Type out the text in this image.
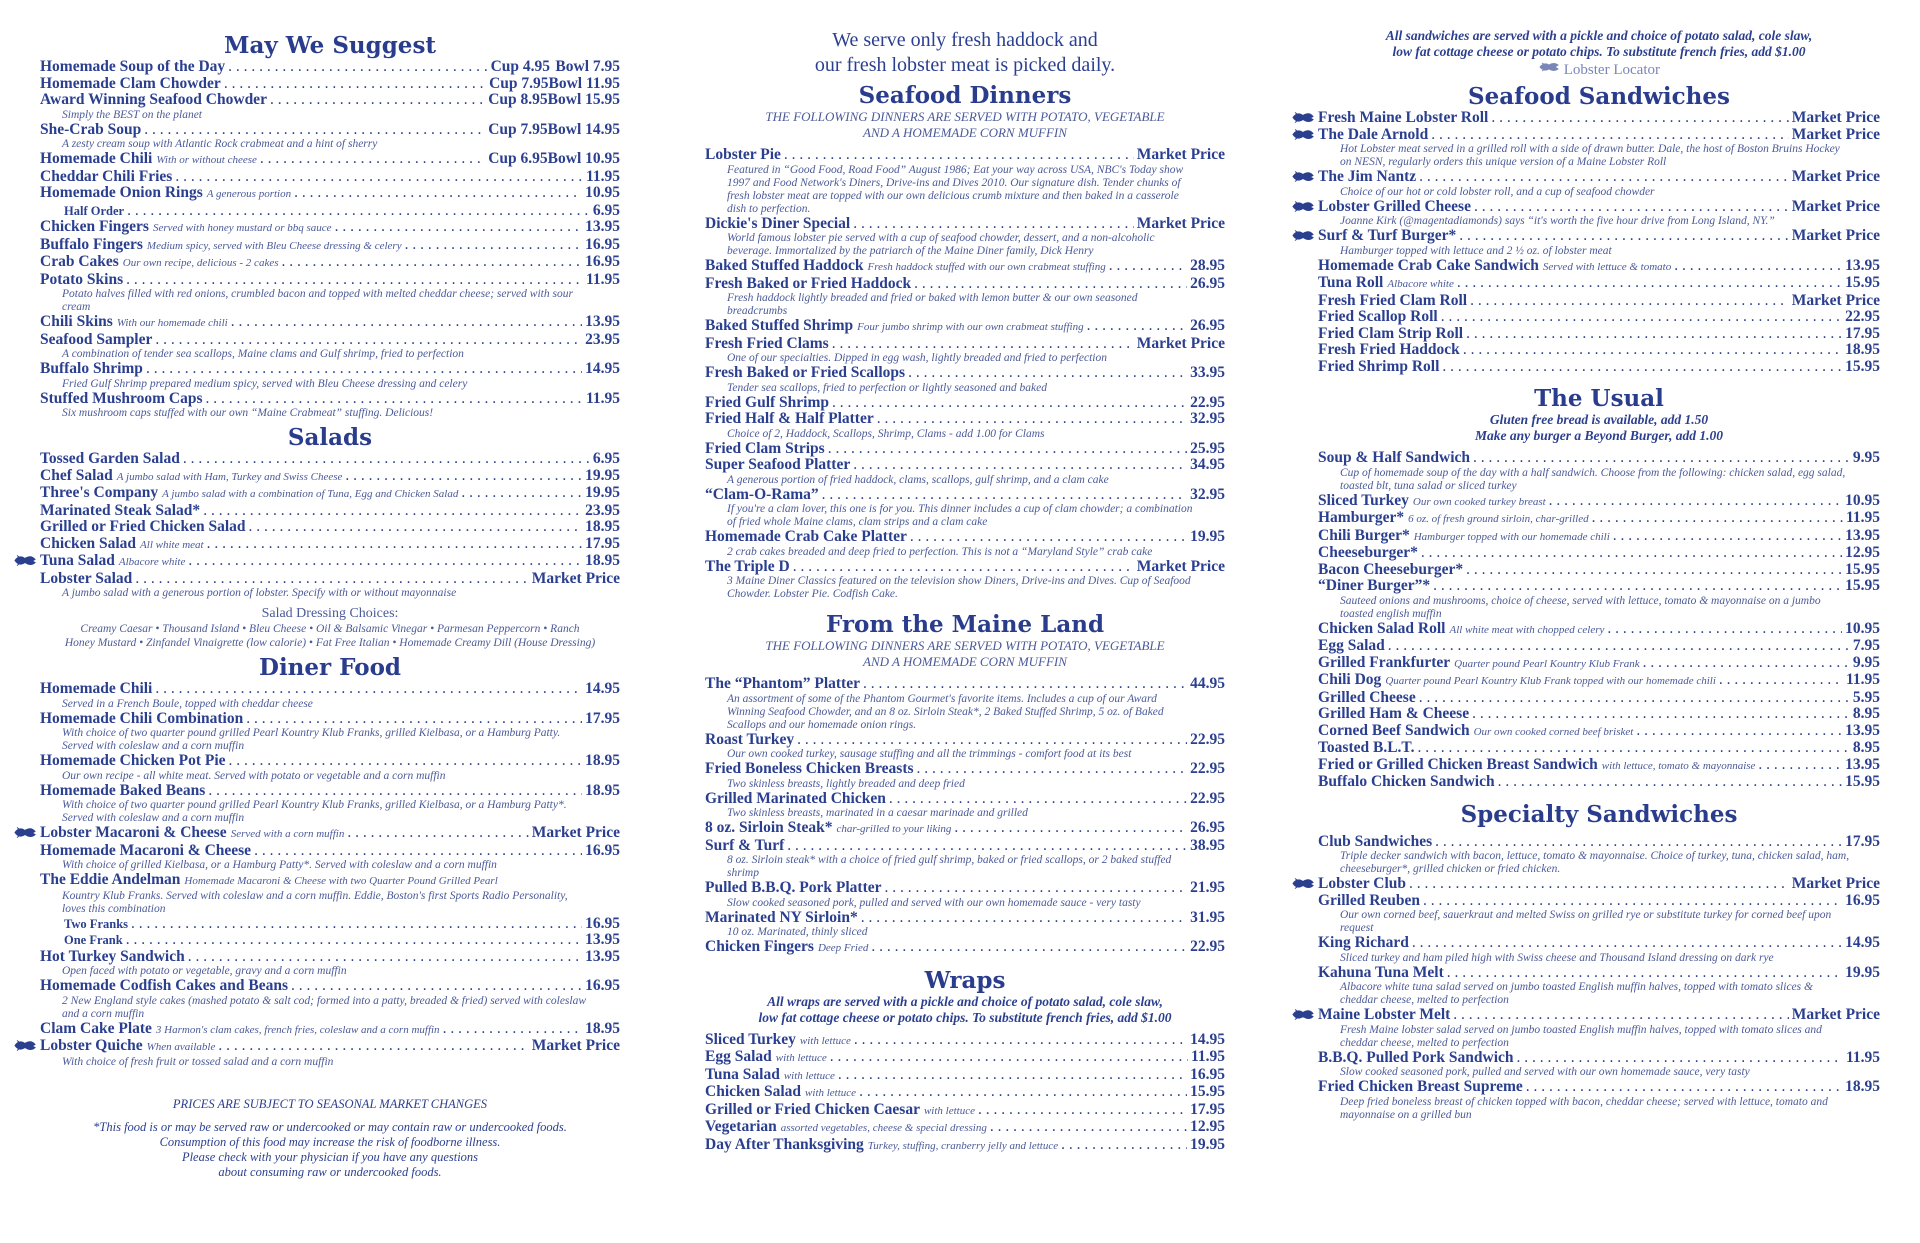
May We Suggest
Homemade Soup of the Day . . .	Cup 4.95 Bowl 7.95
Homemade Clam Chowder . . .	Cup 7.95 Bowl 11.95
Award Winning Seafood Chowder . . .	Cup 8.95 Bowl 15.95
Simply the BEST on the planet
She-Crab Soup . . .	Cup 7.95 Bowl 14.95
A zesty cream soup with Atlantic Rock crabmeat and a hint of sherry
Homemade Chili With or without cheese . . .	Cup 6.95 Bowl 10.95
Cheddar Chili Fries . . .	11.95
Homemade Onion Rings A generous portion . . .	10.95
Half Order . . .	6.95
Chicken Fingers Served with honey mustard or bbq sauce . . .	13.95
Buffalo Fingers Medium spicy, served with Bleu Cheese dressing & celery . . .	16.95
Crab Cakes Our own recipe, delicious - 2 cakes . . .	16.95
Potato Skins . . .	11.95
Potato halves filled with red onions, crumbled bacon and topped with melted cheddar cheese; served with sour cream
Chili Skins With our homemade chili . . .	13.95
Seafood Sampler . . .	23.95
A combination of tender sea scallops, Maine clams and Gulf shrimp, fried to perfection
Buffalo Shrimp . . .	14.95
Fried Gulf Shrimp prepared medium spicy, served with Bleu Cheese dressing and celery
Stuffed Mushroom Caps . . .	11.95
Six mushroom caps stuffed with our own “Maine Crabmeat” stuffing. Delicious!
Salads
Tossed Garden Salad . . .	6.95
Chef Salad A jumbo salad with Ham, Turkey and Swiss Cheese . . .	19.95
Three's Company A jumbo salad with a combination of Tuna, Egg and Chicken Salad . . .	19.95
Marinated Steak Salad* . . .	23.95
Grilled or Fried Chicken Salad . . .	18.95
Chicken Salad All white meat . . .	17.95
Tuna Salad Albacore white . . .	18.95
Lobster Salad . . .	Market Price
A jumbo salad with a generous portion of lobster. Specify with or without mayonnaise
Salad Dressing Choices:
Creamy Caesar • Thousand Island • Bleu Cheese • Oil & Balsamic Vinegar • Parmesan Peppercorn • Ranch
Honey Mustard • Zinfandel Vinaigrette (low calorie) • Fat Free Italian • Homemade Creamy Dill (House Dressing)
Diner Food
Homemade Chili . . .	14.95
Served in a French Boule, topped with cheddar cheese
Homemade Chili Combination . . .	17.95
With choice of two quarter pound grilled Pearl Kountry Klub Franks, grilled Kielbasa, or a Hamburg Patty. Served with coleslaw and a corn muffin
Homemade Chicken Pot Pie . . .	18.95
Our own recipe - all white meat. Served with potato or vegetable and a corn muffin
Homemade Baked Beans . . .	18.95
With choice of two quarter pound grilled Pearl Kountry Klub Franks, grilled Kielbasa, or a Hamburg Patty*. Served with coleslaw and a corn muffin
Lobster Macaroni & Cheese Served with a corn muffin . . .	Market Price
Homemade Macaroni & Cheese . . .	16.95
With choice of grilled Kielbasa, or a Hamburg Patty*. Served with coleslaw and a corn muffin
The Eddie Andelman Homemade Macaroni & Cheese with two Quarter Pound Grilled Pearl
Kountry Klub Franks. Served with coleslaw and a corn muffin. Eddie, Boston's first Sports Radio Personality, loves this combination
Two Franks . . .	16.95
One Frank . . .	13.95
Hot Turkey Sandwich . . .	13.95
Open faced with potato or vegetable, gravy and a corn muffin
Homemade Codfish Cakes and Beans . . .	16.95
2 New England style cakes (mashed potato & salt cod; formed into a patty, breaded & fried) served with coleslaw and a corn muffin
Clam Cake Plate 3 Harmon's clam cakes, french fries, coleslaw and a corn muffin . . .	18.95
Lobster Quiche When available . . .	Market Price
With choice of fresh fruit or tossed salad and a corn muffin
PRICES ARE SUBJECT TO SEASONAL MARKET CHANGES
*This food is or may be served raw or undercooked or may contain raw or undercooked foods.
Consumption of this food may increase the risk of foodborne illness.
Please check with your physician if you have any questions
about consuming raw or undercooked foods.
We serve only fresh haddock and
our fresh lobster meat is picked daily.
Seafood Dinners
THE FOLLOWING DINNERS ARE SERVED WITH POTATO, VEGETABLE
AND A HOMEMADE CORN MUFFIN
Lobster Pie . . .	Market Price
Featured in “Good Food, Road Food” August 1986; Eat your way across USA, NBC's Today show 1997 and Food Network's Diners, Drive-ins and Dives 2010. Our signature dish. Tender chunks of fresh lobster meat are topped with our own delicious crumb mixture and then baked in a casserole dish to perfection.
Dickie's Diner Special . . .	Market Price
World famous lobster pie served with a cup of seafood chowder, dessert, and a non-alcoholic beverage. Immortalized by the patriarch of the Maine Diner family, Dick Henry
Baked Stuffed Haddock Fresh haddock stuffed with our own crabmeat stuffing . . .	28.95
Fresh Baked or Fried Haddock . . .	26.95
Fresh haddock lightly breaded and fried or baked with lemon butter & our own seasoned breadcrumbs
Baked Stuffed Shrimp Four jumbo shrimp with our own crabmeat stuffing . . .	26.95
Fresh Fried Clams . . .	Market Price
One of our specialties. Dipped in egg wash, lightly breaded and fried to perfection
Fresh Baked or Fried Scallops . . .	33.95
Tender sea scallops, fried to perfection or lightly seasoned and baked
Fried Gulf Shrimp . . .	22.95
Fried Half & Half Platter . . .	32.95
Choice of 2, Haddock, Scallops, Shrimp, Clams - add 1.00 for Clams
Fried Clam Strips . . .	25.95
Super Seafood Platter . . .	34.95
A generous portion of fried haddock, clams, scallops, gulf shrimp, and a clam cake
“Clam-O-Rama” . . .	32.95
If you're a clam lover, this one is for you. This dinner includes a cup of clam chowder; a combination of fried whole Maine clams, clam strips and a clam cake
Homemade Crab Cake Platter . . .	19.95
2 crab cakes breaded and deep fried to perfection. This is not a “Maryland Style” crab cake
The Triple D . . .	Market Price
3 Maine Diner Classics featured on the television show Diners, Drive-ins and Dives. Cup of Seafood Chowder. Lobster Pie. Codfish Cake.
From the Maine Land
THE FOLLOWING DINNERS ARE SERVED WITH POTATO, VEGETABLE
AND A HOMEMADE CORN MUFFIN
The “Phantom” Platter . . .	44.95
An assortment of some of the Phantom Gourmet's favorite items. Includes a cup of our Award Winning Seafood Chowder, and an 8 oz. Sirloin Steak*, 2 Baked Stuffed Shrimp, 5 oz. of Baked Scallops and our homemade onion rings.
Roast Turkey . . .	22.95
Our own cooked turkey, sausage stuffing and all the trimmings - comfort food at its best
Fried Boneless Chicken Breasts . . .	22.95
Two skinless breasts, lightly breaded and deep fried
Grilled Marinated Chicken . . .	22.95
Two skinless breasts, marinated in a caesar marinade and grilled
8 oz. Sirloin Steak* char-grilled to your liking . . .	26.95
Surf & Turf . . .	38.95
8 oz. Sirloin steak* with a choice of fried gulf shrimp, baked or fried scallops, or 2 baked stuffed shrimp
Pulled B.B.Q. Pork Platter . . .	21.95
Slow cooked seasoned pork, pulled and served with our own homemade sauce - very tasty
Marinated NY Sirloin* . . .	31.95
10 oz. Marinated, thinly sliced
Chicken Fingers Deep Fried . . .	22.95
Wraps
All wraps are served with a pickle and choice of potato salad, cole slaw,
low fat cottage cheese or potato chips. To substitute french fries, add $1.00
Sliced Turkey with lettuce . . .	14.95
Egg Salad with lettuce . . .	11.95
Tuna Salad with lettuce . . .	16.95
Chicken Salad with lettuce . . .	15.95
Grilled or Fried Chicken Caesar with lettuce . . .	17.95
Vegetarian assorted vegetables, cheese & special dressing . . .	12.95
Day After Thanksgiving Turkey, stuffing, cranberry jelly and lettuce . . .	19.95
All sandwiches are served with a pickle and choice of potato salad, cole slaw,
low fat cottage cheese or potato chips. To substitute french fries, add $1.00
Lobster Locator
Seafood Sandwiches
Fresh Maine Lobster Roll . . .	Market Price
The Dale Arnold . . .	Market Price
Hot Lobster meat served in a grilled roll with a side of drawn butter. Dale, the host of Boston Bruins Hockey on NESN, regularly orders this unique version of a Maine Lobster Roll
The Jim Nantz . . .	Market Price
Choice of our hot or cold lobster roll, and a cup of seafood chowder
Lobster Grilled Cheese . . .	Market Price
Joanne Kirk (@magentadiamonds) says “it's worth the five hour drive from Long Island, NY.”
Surf & Turf Burger* . . .	Market Price
Hamburger topped with lettuce and 2 ½ oz. of lobster meat
Homemade Crab Cake Sandwich Served with lettuce & tomato . . .	13.95
Tuna Roll Albacore white . . .	15.95
Fresh Fried Clam Roll . . .	Market Price
Fried Scallop Roll . . .	22.95
Fried Clam Strip Roll . . .	17.95
Fresh Fried Haddock . . .	18.95
Fried Shrimp Roll . . .	15.95
The Usual
Gluten free bread is available, add 1.50
Make any burger a Beyond Burger, add 1.00
Soup & Half Sandwich . . .	9.95
Cup of homemade soup of the day with a half sandwich. Choose from the following: chicken salad, egg salad, toasted blt, tuna salad or sliced turkey
Sliced Turkey Our own cooked turkey breast . . .	10.95
Hamburger* 6 oz. of fresh ground sirloin, char-grilled . . .	11.95
Chili Burger* Hamburger topped with our homemade chili . . .	13.95
Cheeseburger* . . .	12.95
Bacon Cheeseburger* . . .	15.95
“Diner Burger”* . . .	15.95
Sauteed onions and mushrooms, choice of cheese, served with lettuce, tomato & mayonnaise on a jumbo toasted english muffin
Chicken Salad Roll All white meat with chopped celery . . .	10.95
Egg Salad . . .	7.95
Grilled Frankfurter Quarter pound Pearl Kountry Klub Frank . . .	9.95
Chili Dog Quarter pound Pearl Kountry Klub Frank topped with our homemade chili . . .	11.95
Grilled Cheese . . .	5.95
Grilled Ham & Cheese . . .	8.95
Corned Beef Sandwich Our own cooked corned beef brisket . . .	13.95
Toasted B.L.T. . . .	8.95
Fried or Grilled Chicken Breast Sandwich with lettuce, tomato & mayonnaise . . .	13.95
Buffalo Chicken Sandwich . . .	15.95
Specialty Sandwiches
Club Sandwiches . . .	17.95
Triple decker sandwich with bacon, lettuce, tomato & mayonnaise. Choice of turkey, tuna, chicken salad, ham, cheeseburger*, grilled chicken or fried chicken.
Lobster Club . . .	Market Price
Grilled Reuben . . .	16.95
Our own corned beef, sauerkraut and melted Swiss on grilled rye or substitute turkey for corned beef upon request
King Richard . . .	14.95
Sliced turkey and ham piled high with Swiss cheese and Thousand Island dressing on dark rye
Kahuna Tuna Melt . . .	19.95
Albacore white tuna salad served on jumbo toasted English muffin halves, topped with tomato slices & cheddar cheese, melted to perfection
Maine Lobster Melt . . .	Market Price
Fresh Maine lobster salad served on jumbo toasted English muffin halves, topped with tomato slices and cheddar cheese, melted to perfection
B.B.Q. Pulled Pork Sandwich . . .	11.95
Slow cooked seasoned pork, pulled and served with our own homemade sauce, very tasty
Fried Chicken Breast Supreme . . .	18.95
Deep fried boneless breast of chicken topped with bacon, cheddar cheese; served with lettuce, tomato and mayonnaise on a grilled bun
